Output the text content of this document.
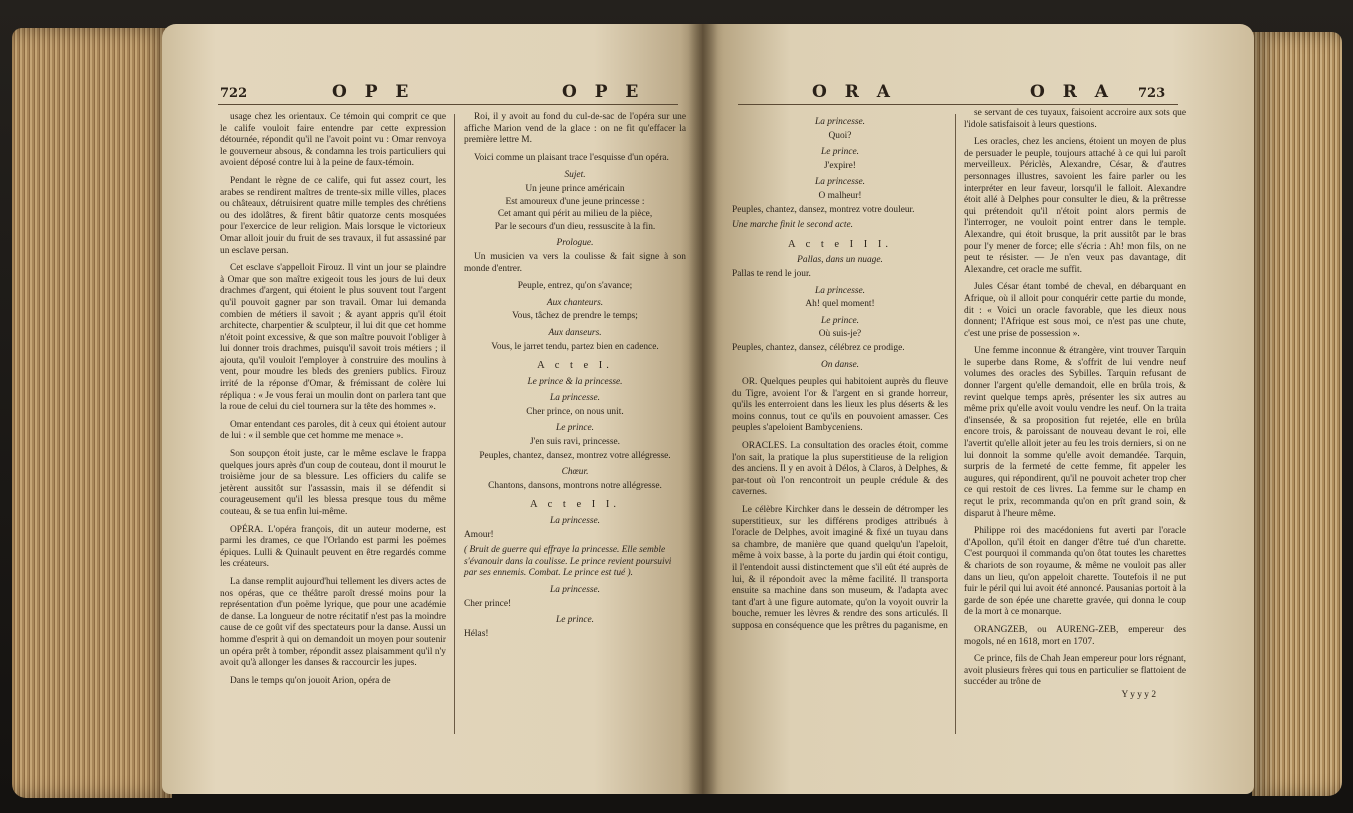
722	O P E	O P E

usage chez les orientaux. Ce témoin qui comprit ce que le calife vouloit faire entendre par cette expression détournée, répondit qu'il ne l'avoit point vu : Omar renvoya le gouverneur absous, & condamna les trois particuliers qui avoient déposé contre lui à la peine de faux-témoin.

Pendant le règne de ce calife, qui fut assez court, les arabes se rendirent maîtres de trente-six mille villes, places ou châteaux, détruisirent quatre mille temples des chrétiens ou des idolâtres, & firent bâtir quatorze cents mosquées pour l'exercice de leur religion. Mais lorsque le victorieux Omar alloit jouir du fruit de ses travaux, il fut assassiné par un esclave persan.

Cet esclave s'appelloit Firouz. Il vint un jour se plaindre à Omar que son maître exigeoit tous les jours de lui deux drachmes d'argent, qui étoient le plus souvent tout l'argent qu'il pouvoit gagner par son travail. Omar lui demanda combien de métiers il savoit ; & ayant appris qu'il étoit architecte, charpentier & sculpteur, il lui dit que cet homme n'étoit point excessive, & que son maître pouvoit l'obliger à lui donner trois drachmes, puisqu'il savoit trois métiers ; il ajouta, qu'il vouloit l'employer à construire des moulins à vent, pour moudre les bleds des greniers publics. Firouz irrité de la réponse d'Omar, & frémissant de colère lui répliqua : « Je vous ferai un moulin dont on parlera tant que la roue de celui du ciel tournera sur la tête des hommes ».

Omar entendant ces paroles, dit à ceux qui étoient autour de lui : « il semble que cet homme me menace ».

Son soupçon étoit juste, car le même esclave le frappa quelques jours après d'un coup de couteau, dont il mourut le troisième jour de sa blessure. Les officiers du calife se jetèrent aussitôt sur l'assassin, mais il se défendit si courageusement qu'il les blessa presque tous du même couteau, & se tua enfin lui-même.

OPÉRA. L'opéra françois, dit un auteur moderne, est parmi les drames, ce que l'Orlando est parmi les poëmes épiques. Lulli & Quinault peuvent en être regardés comme les créateurs.

La danse remplit aujourd'hui tellement les divers actes de nos opéras, que ce théâtre paroît dressé moins pour la représentation d'un poëme lyrique, que pour une académie de danse. La longueur de notre récitatif n'est pas la moindre cause de ce goût vif des spectateurs pour la danse. Aussi un homme d'esprit à qui on demandoit un moyen pour soutenir un opéra prêt à tomber, répondit assez plaisamment qu'il n'y avoit qu'à allonger les danses & raccourcir les jupes.

Dans le temps qu'on jouoit Arion, opéra de

Roi, il y avoit au fond du cul-de-sac de l'opéra sur une affiche Marion vend de la glace : on ne fit qu'effacer la première lettre M.

Voici comme un plaisant trace l'esquisse d'un opéra.

Sujet.
Un jeune prince américain
Est amoureux d'une jeune princesse :
Cet amant qui périt au milieu de la pièce,
Par le secours d'un dieu, ressuscite à la fin.
Prologue.

Un musicien va vers la coulisse & fait signe à son monde d'entrer.

Peuple, entrez, qu'on s'avance;
Aux chanteurs.
Vous, tâchez de prendre le temps;
Aux danseurs.
Vous, le jarret tendu, partez bien en cadence.
A c t e I.
Le prince & la princesse.
La princesse.
Cher prince, on nous unit.
Le prince.
J'en suis ravi, princesse.
Peuples, chantez, dansez, montrez votre allégresse.
Chœur.
Chantons, dansons, montrons notre allégresse.
A c t e I I.
La princesse.
Amour!
( Bruit de guerre qui effraye la princesse. Elle semble s'évanouir dans la coulisse. Le prince revient poursuivi par ses ennemis. Combat. Le prince est tué ).
La princesse.
Cher prince!
Le prince.
Hélas!
O R A	O R A 723
La princesse.
Quoi?
Le prince.
J'expire!
La princesse.
O malheur!
Peuples, chantez, dansez, montrez votre douleur.
Une marche finit le second acte.
A c t e I I I.
Pallas, dans un nuage.
Pallas te rend le jour.
La princesse.
Ah! quel moment!
Le prince.
Où suis-je?
Peuples, chantez, dansez, célébrez ce prodige.
On danse.

OR. Quelques peuples qui habitoient auprès du fleuve du Tigre, avoient l'or & l'argent en si grande horreur, qu'ils les enterroient dans les lieux les plus déserts & les moins connus, tout ce qu'ils en pouvoient amasser. Ces peuples s'apeloient Bambyceniens.

ORACLES. La consultation des oracles étoit, comme l'on sait, la pratique la plus superstitieuse de la religion des anciens. Il y en avoit à Délos, à Claros, à Delphes, & par-tout où l'on rencontroit un peuple crédule & des cavernes.

Le célèbre Kirchker dans le dessein de détromper les superstitieux, sur les différens prodiges attribués à l'oracle de Delphes, avoit imaginé & fixé un tuyau dans sa chambre, de manière que quand quelqu'un l'apeloit, même à voix basse, à la porte du jardin qui étoit contigu, il l'entendoit aussi distinctement que s'il eût été auprès de lui, & il répondoit avec la même facilité. Il transporta ensuite sa machine dans son museum, & l'adapta avec tant d'art à une figure automate, qu'on la voyoit ouvrir la bouche, remuer les lèvres & rendre des sons articulés. Il supposa en conséquence que les prêtres du paganisme, en

se servant de ces tuyaux, faisoient accroire aux sots que l'idole satisfaisoit à leurs questions.

Les oracles, chez les anciens, étoient un moyen de plus de persuader le peuple, toujours attaché à ce qui lui paroît merveilleux. Périclès, Alexandre, César, & d'autres personnages illustres, savoient les faire parler ou les interpréter en leur faveur, lorsqu'il le falloit. Alexandre étoit allé à Delphes pour consulter le dieu, & la prêtresse qui prétendoit qu'il n'étoit point alors permis de l'interroger, ne vouloit point entrer dans le temple. Alexandre, qui étoit brusque, la prit aussitôt par le bras pour l'y mener de force; elle s'écria : Ah! mon fils, on ne peut te résister. — Je n'en veux pas davantage, dit Alexandre, cet oracle me suffit.

Jules César étant tombé de cheval, en débarquant en Afrique, où il alloit pour conquérir cette partie du monde, dit : « Voici un oracle favorable, que les dieux nous donnent; l'Afrique est sous moi, ce n'est pas une chute, c'est une prise de possession ».

Une femme inconnue & étrangère, vint trouver Tarquin le superbe dans Rome, & s'offrit de lui vendre neuf volumes des oracles des Sybilles. Tarquin refusant de donner l'argent qu'elle demandoit, elle en brûla trois, & revint quelque temps après, présenter les six autres au même prix qu'elle avoit voulu vendre les neuf. On la traita d'insensée, & sa proposition fut rejetée, elle en brûla encore trois, & paroissant de nouveau devant le roi, elle l'avertit qu'elle alloit jeter au feu les trois derniers, si on ne lui donnoit la somme qu'elle avoit demandée. Tarquin, surpris de la fermeté de cette femme, fit appeler les augures, qui répondirent, qu'il ne pouvoit acheter trop cher ce qui restoit de ces livres. La femme sur le champ en reçut le prix, recommanda qu'on en prît grand soin, & disparut à l'heure même.

Philippe roi des macédoniens fut averti par l'oracle d'Apollon, qu'il étoit en danger d'être tué d'un charette. C'est pourquoi il commanda qu'on ôtat toutes les charettes & chariots de son royaume, & même ne vouloit pas aller dans un lieu, qu'on appeloit charette. Toutefois il ne put fuir le péril qui lui avoit été annoncé. Pausanias portoit à la garde de son épée une charette gravée, qui donna le coup de la mort à ce monarque.

ORANGZEB, ou AURENG-ZEB, empereur des mogols, né en 1618, mort en 1707.

Ce prince, fils de Chah Jean empereur pour lors régnant, avoit plusieurs frères qui tous en particulier se flattoient de succéder au trône de

Y y y y 2
